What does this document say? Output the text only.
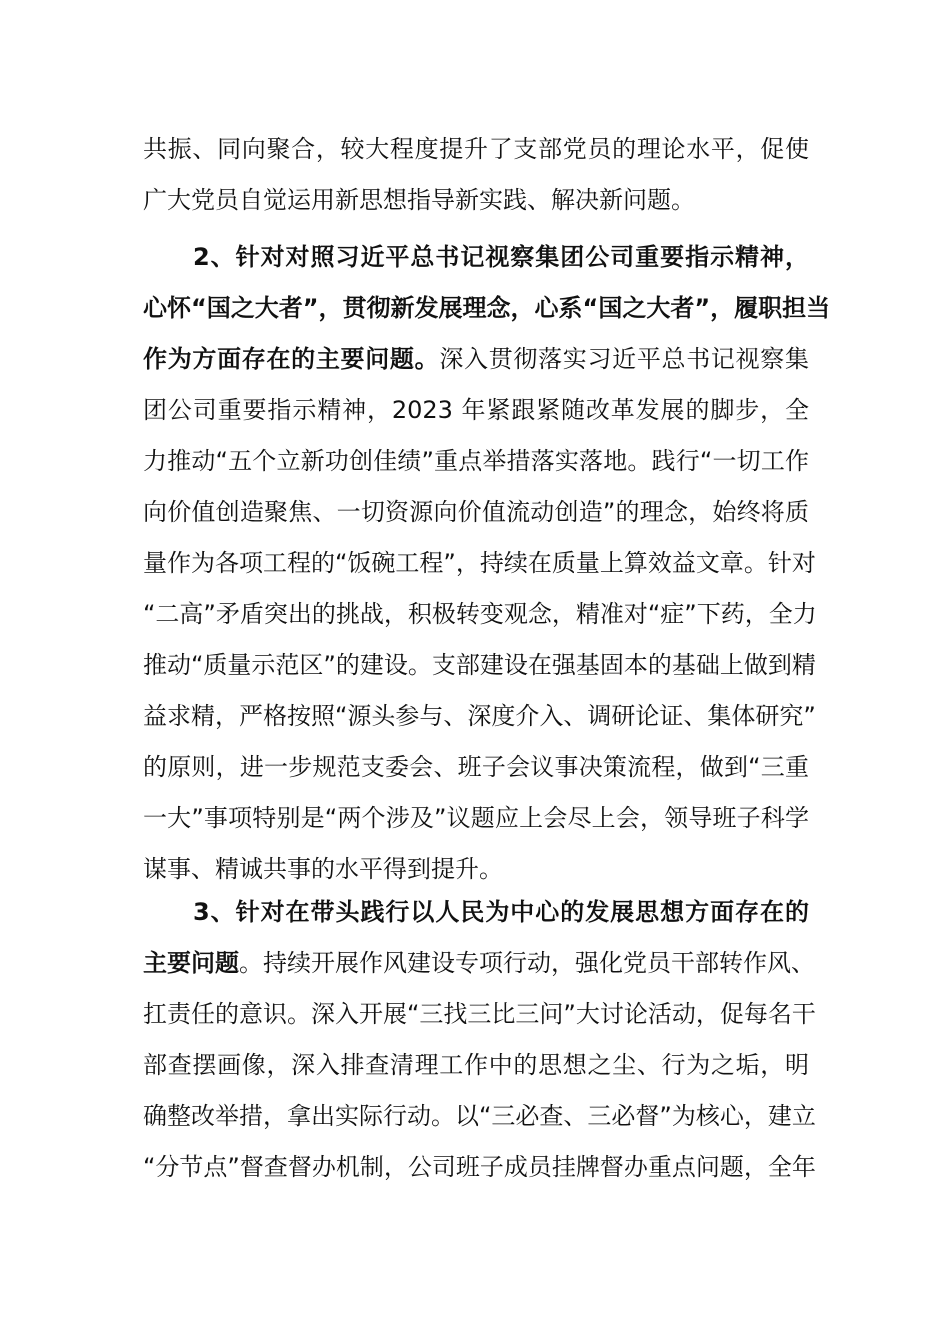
共振、同向聚合，较大程度提升了支部党员的理论水平，促使
广大党员自觉运用新思想指导新实践、解决新问题。
　　2、针对对照习近平总书记视察集团公司重要指示精神，
心怀“国之大者”，贯彻新发展理念，心系“国之大者”，履职担当
作为方面存在的主要问题。深入贯彻落实习近平总书记视察集
团公司重要指示精神，2023 年紧跟紧随改革发展的脚步，全
力推动“五个立新功创佳绩”重点举措落实落地。践行“一切工作
向价值创造聚焦、一切资源向价值流动创造”的理念，始终将质
量作为各项工程的“饭碗工程”，持续在质量上算效益文章。针对
“二高”矛盾突出的挑战，积极转变观念，精准对“症”下药，全力
推动“质量示范区”的建设。支部建设在强基固本的基础上做到精
益求精，严格按照“源头参与、深度介入、调研论证、集体研究”
的原则，进一步规范支委会、班子会议事决策流程，做到“三重
一大”事项特别是“两个涉及”议题应上会尽上会，领导班子科学
谋事、精诚共事的水平得到提升。
　　3、针对在带头践行以人民为中心的发展思想方面存在的
主要问题。持续开展作风建设专项行动，强化党员干部转作风、
扛责任的意识。深入开展“三找三比三问”大讨论活动，促每名干
部查摆画像，深入排查清理工作中的思想之尘、行为之垢，明
确整改举措，拿出实际行动。以“三必查、三必督”为核心，建立
“分节点”督查督办机制，公司班子成员挂牌督办重点问题，全年
